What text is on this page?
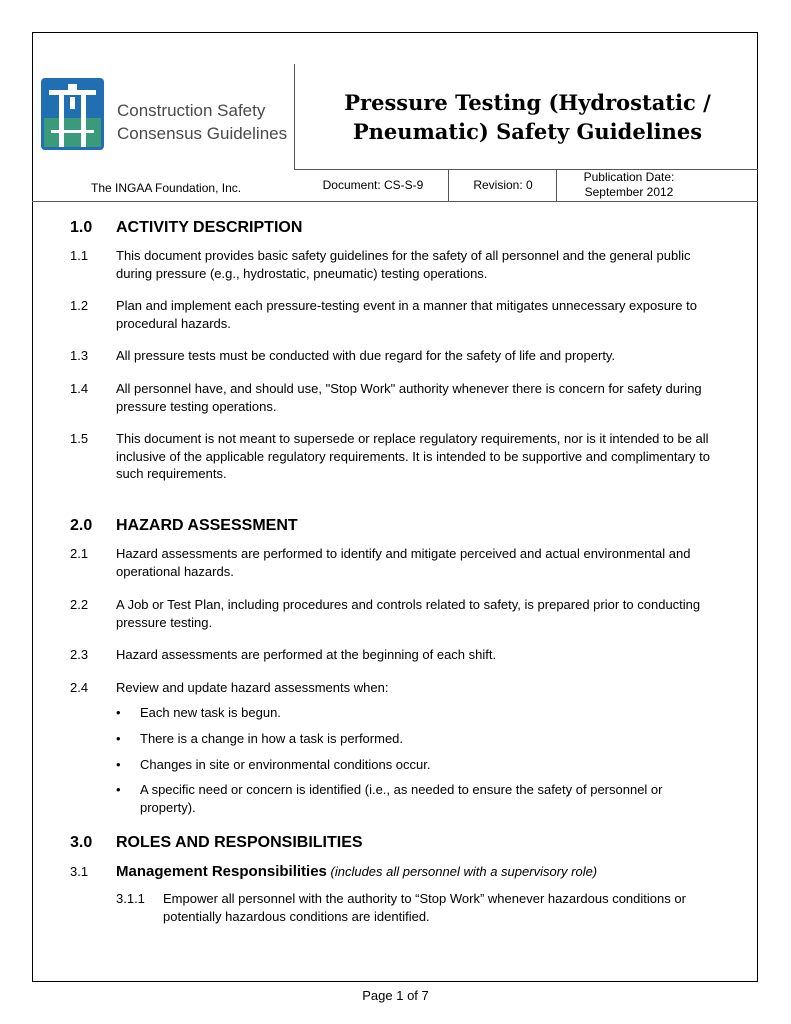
Construction Safety
Consensus Guidelines
Pressure Testing (Hydrostatic /
Pneumatic) Safety Guidelines
The INGAA Foundation, Inc.	Document: CS-S-9	Revision: 0
Publication Date:
September 2012
1.0 ACTIVITY DESCRIPTION
1.1 This document provides basic safety guidelines for the safety of all personnel and the general public during pressure (e.g., hydrostatic, pneumatic) testing operations.
1.2 Plan and implement each pressure-testing event in a manner that mitigates unnecessary exposure to procedural hazards.
1.3 All pressure tests must be conducted with due regard for the safety of life and property.
1.4 All personnel have, and should use, "Stop Work" authority whenever there is concern for safety during pressure testing operations.
1.5 This document is not meant to supersede or replace regulatory requirements, nor is it intended to be all inclusive of the applicable regulatory requirements. It is intended to be supportive and complimentary to such requirements.
2.0 HAZARD ASSESSMENT
2.1 Hazard assessments are performed to identify and mitigate perceived and actual environmental and operational hazards.
2.2 A Job or Test Plan, including procedures and controls related to safety, is prepared prior to conducting pressure testing.
2.3 Hazard assessments are performed at the beginning of each shift.
2.4 Review and update hazard assessments when:
• Each new task is begun.
• There is a change in how a task is performed.
• Changes in site or environmental conditions occur.
• A specific need or concern is identified (i.e., as needed to ensure the safety of personnel or property).
3.0 ROLES AND RESPONSIBILITIES
3.1 Management Responsibilities (includes all personnel with a supervisory role)
3.1.1 Empower all personnel with the authority to “Stop Work” whenever hazardous conditions or potentially hazardous conditions are identified.
Page 1 of 7
